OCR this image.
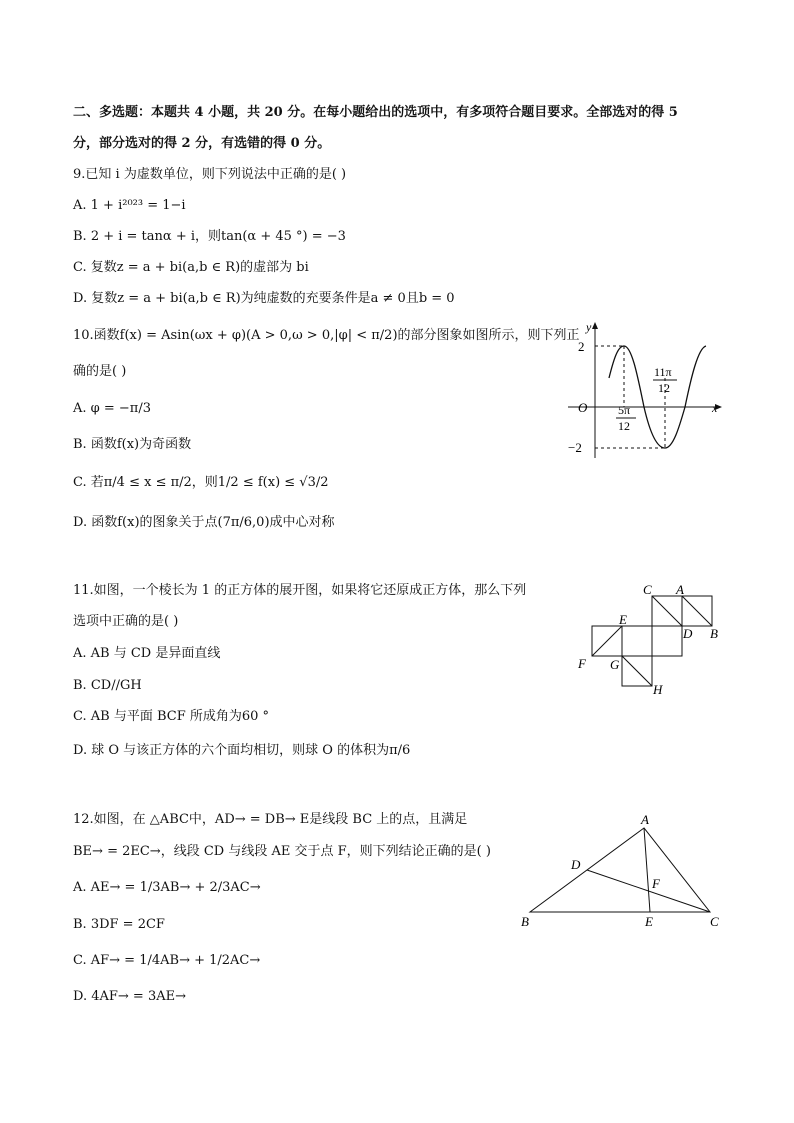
二、多选题：本题共 4 小题，共 20 分。在每小题给出的选项中，有多项符合题目要求。全部选对的得 5
分，部分选对的得 2 分，有选错的得 0 分。
9.已知 i 为虚数单位，则下列说法中正确的是( )
A. 1 + i²⁰²³ = 1−i
B. 2 + i = tanα + i，则tan(α + 45 °) = −3
C. 复数z = a + bi(a,b ∈ R)的虚部为 bi
D. 复数z = a + bi(a,b ∈ R)为纯虚数的充要条件是a ≠ 0且b = 0
10.函数f(x) = Asin(ωx + φ)(A > 0,ω > 0,|φ| < π/2)的部分图象如图所示，则下列正
确的是( )
A. φ = −π/3
B. 函数f(x)为奇函数
C. 若π/4 ≤ x ≤ π/2，则1/2 ≤ f(x) ≤ √3/2
D. 函数f(x)的图象关于点(7π/6,0)成中心对称
y
x
O
2
−2
5π
12
11π
12
11.如图，一个棱长为 1 的正方体的展开图，如果将它还原成正方体，那么下列
选项中正确的是( )
A. AB 与 CD 是异面直线
B. CD//GH
C. AB 与平面 BCF 所成角为60 °
D. 球 O 与该正方体的六个面均相切，则球 O 的体积为π/6
C A
E
D B
F G
H
12.如图，在 △ABC中，AD→ = DB→ E是线段 BC 上的点，且满足
BE→ = 2EC→，线段 CD 与线段 AE 交于点 F，则下列结论正确的是( )
A. AE→ = 1/3AB→ + 2/3AC→
B. 3DF = 2CF
C. AF→ = 1/4AB→ + 1/2AC→
D. 4AF→ = 3AE→
A
B	C
D
E
F
